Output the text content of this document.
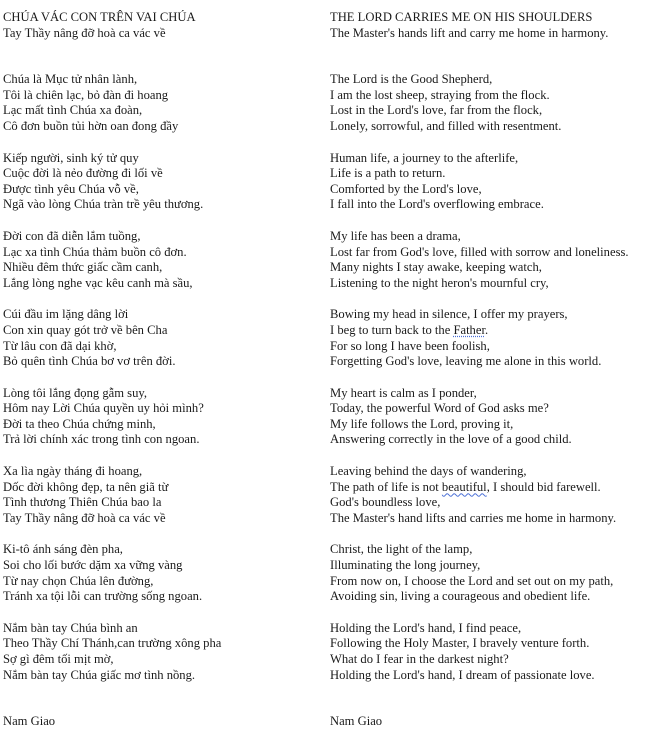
CHÚA VÁC CON TRÊN VAI CHÚA
Tay Thầy nâng đỡ hoà ca vác về
Chúa là Mục tử nhân lành,
Tôi là chiên lạc, bỏ đàn đi hoang
Lạc mất tình Chúa xa đoàn,
Cô đơn buồn tủi hờn oan đong đầy
Kiếp người, sinh ký tử quy
Cuộc đời là nẻo đường đi lối về
Được tình yêu Chúa vỗ về,
Ngã vào lòng Chúa tràn trề yêu thương.
Đời con đã diễn lắm tuồng,
Lạc xa tình Chúa thảm buồn cô đơn.
Nhiều đêm thức giấc cầm canh,
Lắng lòng nghe vạc kêu canh mà sầu,
Cúi đầu im lặng dâng lời
Con xin quay gót trở về bên Cha
Từ lâu con đã dại khờ,
Bỏ quên tình Chúa bơ vơ trên đời.
Lòng tôi lắng đọng gẫm suy,
Hôm nay Lời Chúa quyền uy hỏi mình?
Đời ta theo Chúa chứng minh,
Trả lời chính xác trong tình con ngoan.
Xa lìa ngày tháng đi hoang,
Dốc đời không đẹp, ta nên giã từ
Tình thương Thiên Chúa bao la
Tay Thầy nâng đỡ hoà ca vác về
Ki-tô ánh sáng đèn pha,
Soi cho lối bước dặm xa vững vàng
Từ nay chọn Chúa lên đường,
Tránh xa tội lỗi can trường sống ngoan.
Nắm bàn tay Chúa bình an
Theo Thầy Chí Thánh,can trường xông pha
Sợ gì đêm tối mịt mờ,
Nắm bàn tay Chúa giấc mơ tình nồng.
Nam Giao
THE LORD CARRIES ME ON HIS SHOULDERS
The Master's hands lift and carry me home in harmony.
The Lord is the Good Shepherd,
I am the lost sheep, straying from the flock.
Lost in the Lord's love, far from the flock,
Lonely, sorrowful, and filled with resentment.
Human life, a journey to the afterlife,
Life is a path to return.
Comforted by the Lord's love,
I fall into the Lord's overflowing embrace.
My life has been a drama,
Lost far from God's love, filled with sorrow and loneliness.
Many nights I stay awake, keeping watch,
Listening to the night heron's mournful cry,
Bowing my head in silence, I offer my prayers,
I beg to turn back to the Father.
For so long I have been foolish,
Forgetting God's love, leaving me alone in this world.
My heart is calm as I ponder,
Today, the powerful Word of God asks me?
My life follows the Lord, proving it,
Answering correctly in the love of a good child.
Leaving behind the days of wandering,
The path of life is not beautiful, I should bid farewell.
God's boundless love,
The Master's hand lifts and carries me home in harmony.
Christ, the light of the lamp,
Illuminating the long journey,
From now on, I choose the Lord and set out on my path,
Avoiding sin, living a courageous and obedient life.
Holding the Lord's hand, I find peace,
Following the Holy Master, I bravely venture forth.
What do I fear in the darkest night?
Holding the Lord's hand, I dream of passionate love.
Nam Giao
